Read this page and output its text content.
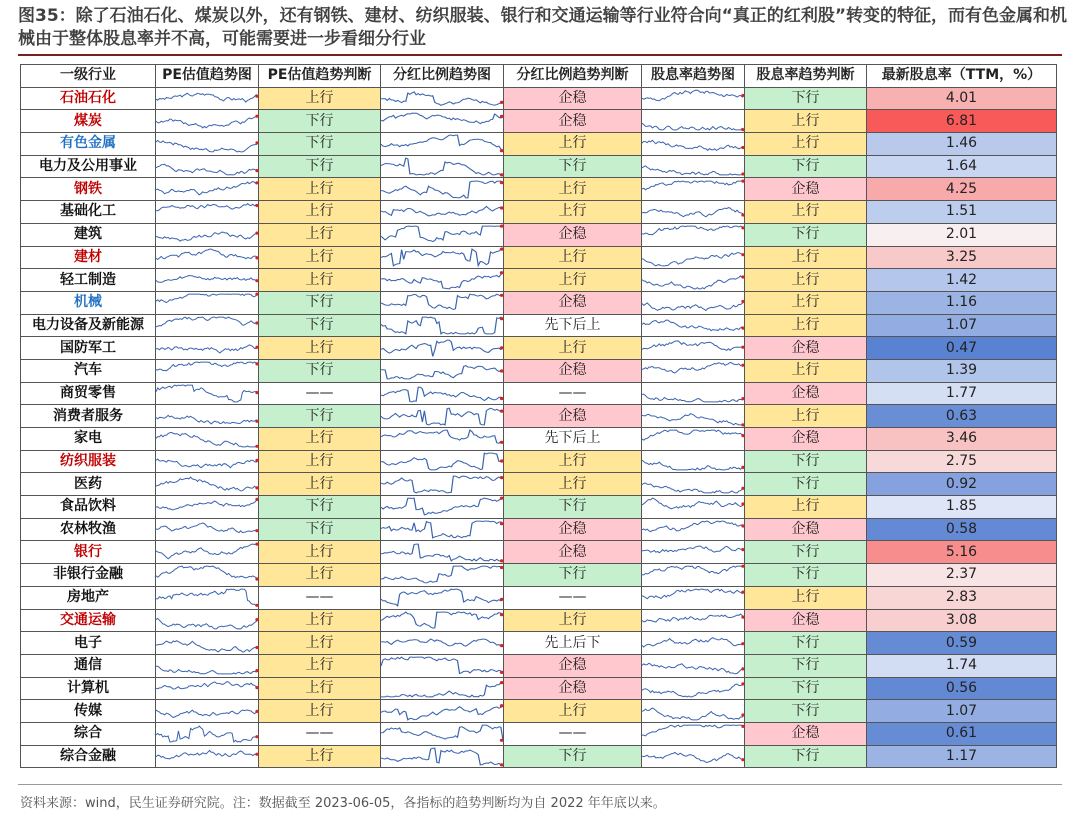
图35：除了石油石化、煤炭以外，还有钢铁、建材、纺织服装、银行和交通运输等行业符合向“真正的红利股”转变的特征，而有色金属和机械由于整体股息率并不高，可能需要进一步看细分行业
一级行业	PE估值趋势图	PE估值趋势判断	分红比例趋势图	分红比例趋势判断	股息率趋势图	股息率趋势判断	最新股息率（TTM，%）
石油石化		上行		企稳		下行	4.01
煤炭		下行		企稳		上行	6.81
有色金属		下行		上行		上行	1.46
电力及公用事业		下行		下行		下行	1.64
钢铁		上行		上行		企稳	4.25
基础化工		上行		上行		上行	1.51
建筑		上行		企稳		下行	2.01
建材		上行		上行		上行	3.25
轻工制造		上行		上行		上行	1.42
机械		下行		企稳		上行	1.16
电力设备及新能源		下行		先下后上		上行	1.07
国防军工		上行		上行		企稳	0.47
汽车		下行		企稳		上行	1.39
商贸零售		——		——		企稳	1.77
消费者服务		下行		企稳		上行	0.63
家电		上行		先下后上		企稳	3.46
纺织服装		上行		上行		下行	2.75
医药		上行		上行		下行	0.92
食品饮料		下行		下行		上行	1.85
农林牧渔		下行		企稳		企稳	0.58
银行		上行		企稳		下行	5.16
非银行金融		上行		下行		下行	2.37
房地产		——		——		上行	2.83
交通运输		上行		上行		企稳	3.08
电子		上行		先上后下		下行	0.59
通信		上行		企稳		下行	1.74
计算机		上行		企稳		下行	0.56
传媒		上行		上行		下行	1.07
综合		——		——		企稳	0.61
综合金融		上行		下行		下行	1.17
资料来源：wind，民生证券研究院。注：数据截至 2023-06-05，各指标的趋势判断均为自 2022 年年底以来。
